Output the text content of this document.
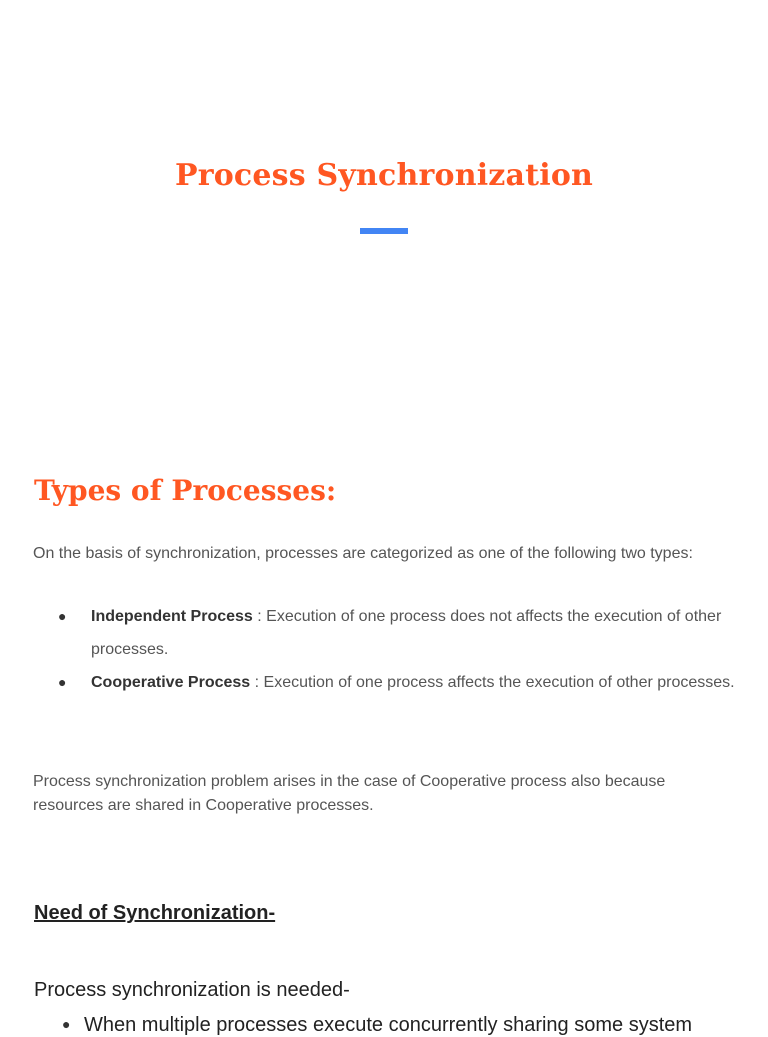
Process Synchronization
Types of Processes:

On the basis of synchronization, processes are categorized as one of the following two types:

● Independent Process : Execution of one process does not affects the execution of other processes.
● Cooperative Process : Execution of one process affects the execution of other processes.

Process synchronization problem arises in the case of Cooperative process also because resources are shared in Cooperative processes.

Need of Synchronization-

Process synchronization is needed-

● When multiple processes execute concurrently sharing some system
